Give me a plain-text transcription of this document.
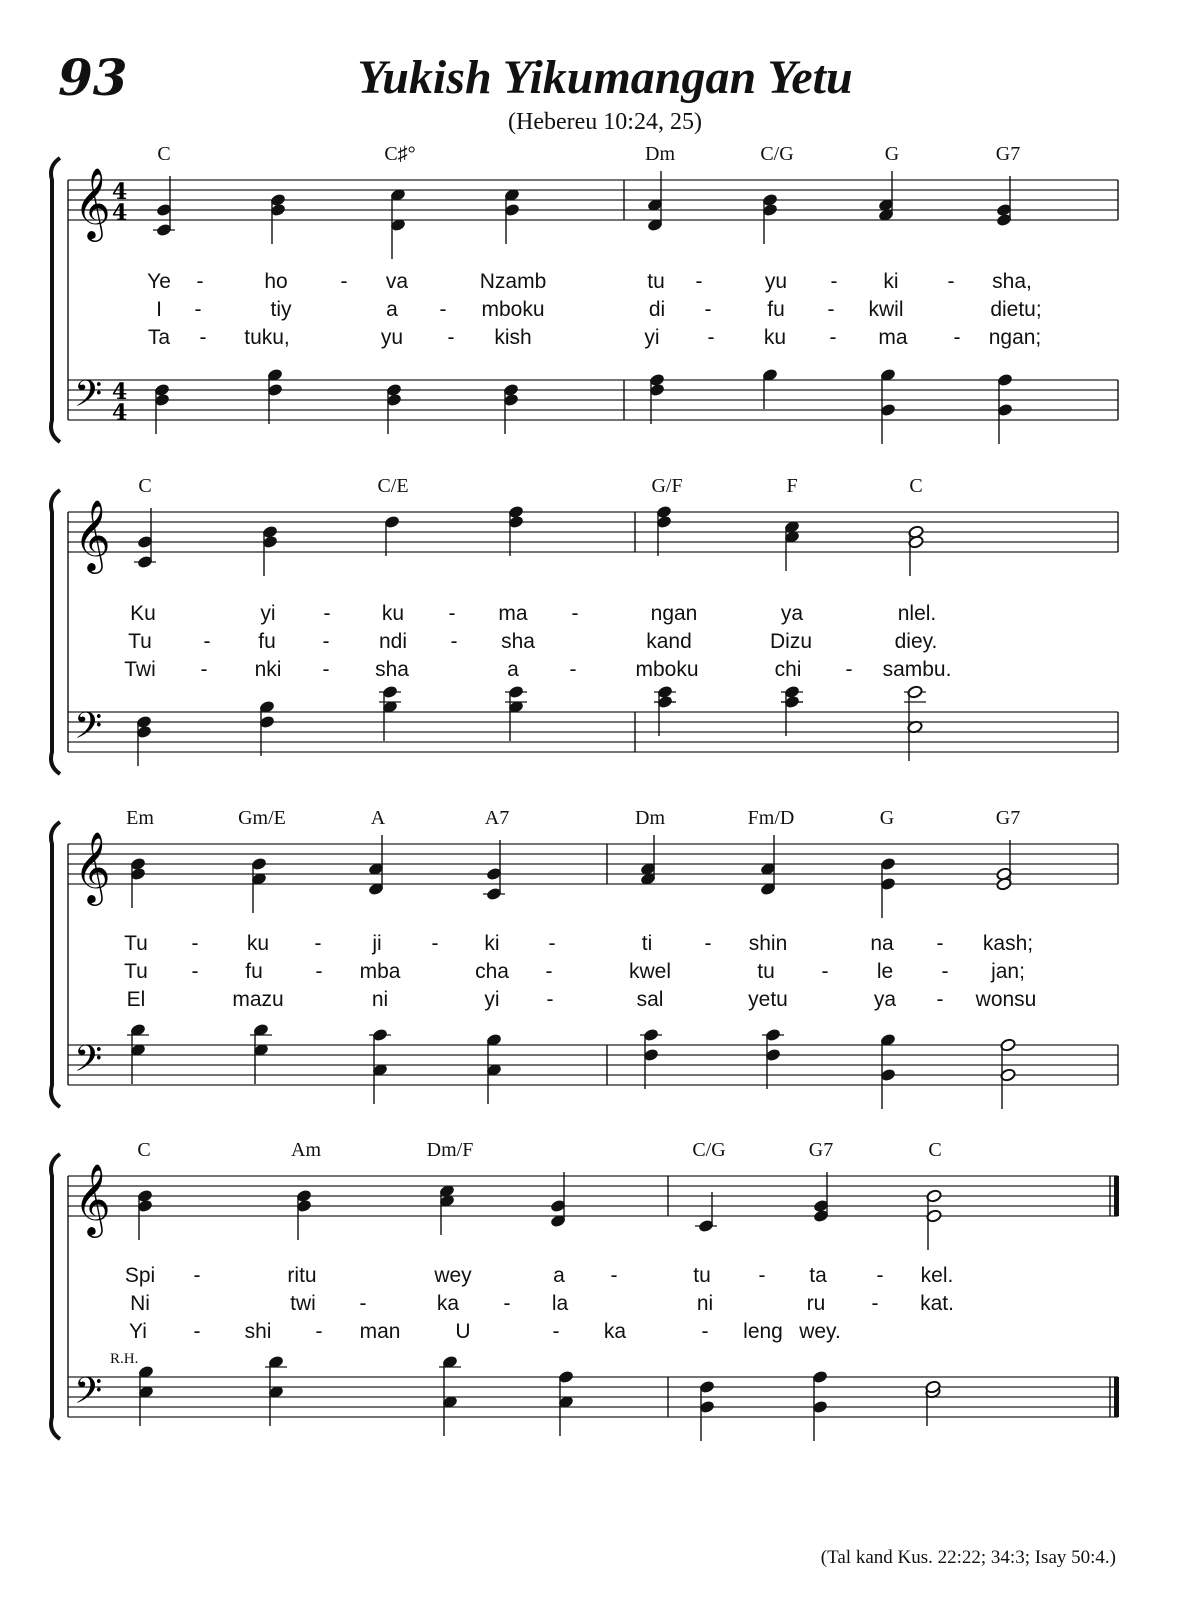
93	Yukish Yikumangan Yetu
(Hebereu 10:24, 25)
𝄞
𝄢
4
4
4
4
𝄞
𝄢
𝄞
𝄢
𝄞
𝄢
C	C♯°	Dm	C/G	G	G7
Ye -	ho	- va	Nzamb	tu -	yu - ki - sha,
I -	tiy	a - mboku	di -	fu - kwil	dietu;
Ta - tuku,	yu - kish	yi - ku - ma - ngan;
C	C/E	G/F	F	C
Ku	yi - ku - ma -	ngan	ya	nlel.
Tu - fu - ndi - sha	kand	Dizu	diey.
Twi - nki - sha	a -	mboku	chi - sambu.
Em	Gm/E	A	A7	Dm	Fm/D	G	G7
Tu - ku - ji - ki -	ti - shin	na - kash;
Tu - fu	- mba	cha -	kwel	tu - le - jan;
El	mazu	ni	yi -	sal	yetu	ya - wonsu
C	Am	Dm/F	C/G	G7	C
Spi -	ritu	wey	a -	tu - ta - kel.
Ni	twi -	ka - la	ni	ru - kat.
Yi - shi - man	U	- ka	- leng wey.
R.H.
(Tal kand Kus. 22:22; 34:3; Isay 50:4.)
